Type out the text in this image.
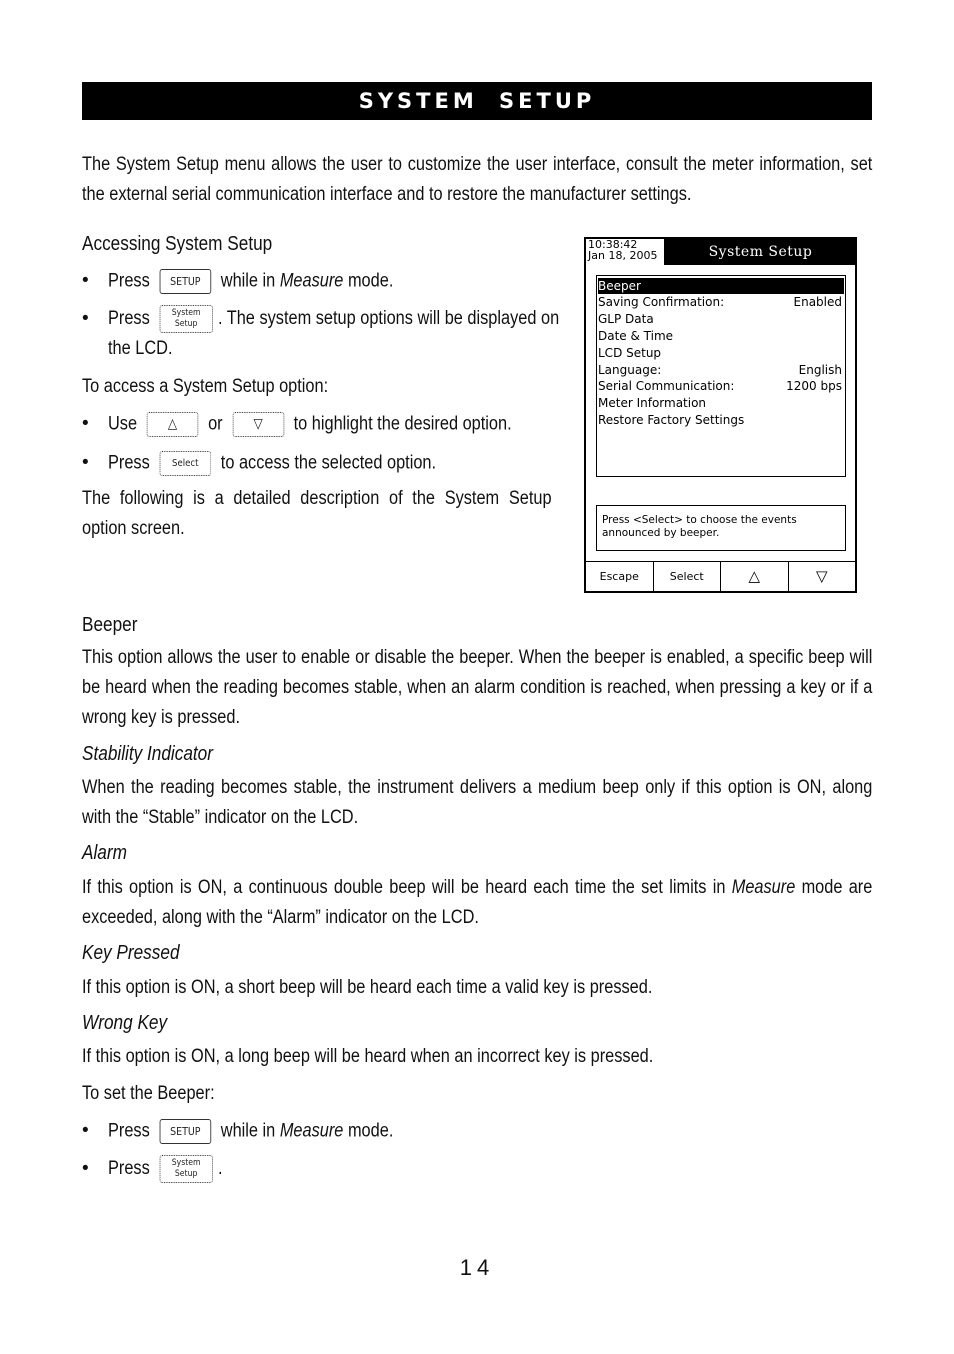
SYSTEM SETUP
The System Setup menu allows the user to customize the user interface, consult the meter information, set the external serial communication interface and to restore the manufacturer settings.
Accessing System Setup
•	Press SETUP while in Measure mode.
•	Press System
Setup . The system setup options will be displayed on
the LCD.
To access a System Setup option:
•	Use △ or ▽ to highlight the desired option.
•	Press Select to access the selected option.
The following is a detailed description of the System Setup option screen.
10:38:42
Jan 18, 2005	System Setup
Beeper
Saving Confirmation:	Enabled
GLP Data
Date & Time
LCD Setup
Language:	English
Serial Communication:	1200 bps
Meter Information
Restore Factory Settings
Press <Select> to choose the events
announced by beeper.
Escape	Select	△	▽
Beeper
This option allows the user to enable or disable the beeper. When the beeper is enabled, a specific beep will be heard when the reading becomes stable, when an alarm condition is reached, when pressing a key or if a wrong key is pressed.
Stability Indicator
When the reading becomes stable, the instrument delivers a medium beep only if this option is ON, along with the “Stable” indicator on the LCD.
Alarm
If this option is ON, a continuous double beep will be heard each time the set limits in Measure mode are exceeded, along with the “Alarm” indicator on the LCD.
Key Pressed
If this option is ON, a short beep will be heard each time a valid key is pressed.
Wrong Key
If this option is ON, a long beep will be heard when an incorrect key is pressed.
To set the Beeper:
•	Press SETUP while in Measure mode.
•	Press System
Setup .
14
